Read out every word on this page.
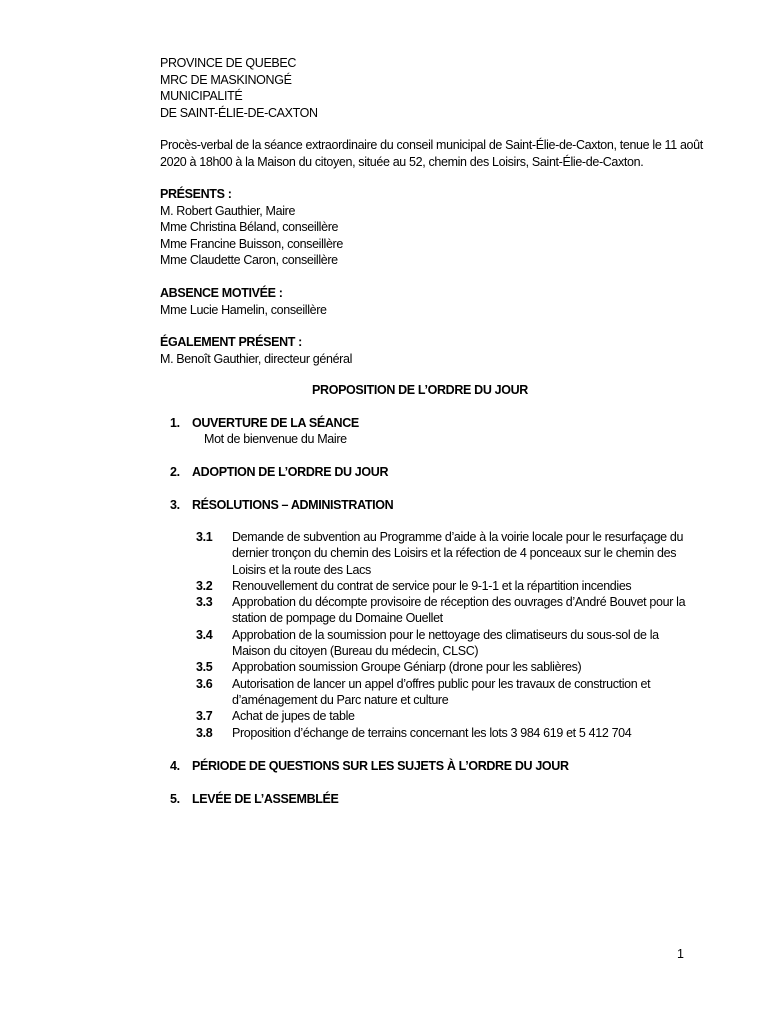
PROVINCE DE QUEBEC
MRC DE MASKINONGÉ
MUNICIPALITÉ
DE SAINT-ÉLIE-DE-CAXTON
Procès-verbal de la séance extraordinaire du conseil municipal de Saint-Élie-de-Caxton, tenue le 11 août
2020 à 18h00 à la Maison du citoyen, située au 52, chemin des Loisirs, Saint-Élie-de-Caxton.
PRÉSENTS :
M. Robert Gauthier, Maire
Mme Christina Béland, conseillère
Mme Francine Buisson, conseillère
Mme Claudette Caron, conseillère
ABSENCE MOTIVÉE :
Mme Lucie Hamelin, conseillère
ÉGALEMENT PRÉSENT :
M. Benoît Gauthier, directeur général
PROPOSITION DE L’ORDRE DU JOUR
1. OUVERTURE DE LA SÉANCE
Mot de bienvenue du Maire
2. ADOPTION DE L’ORDRE DU JOUR
3. RÉSOLUTIONS – ADMINISTRATION
3.1	Demande de subvention au Programme d’aide à la voirie locale pour le resurfaçage du
dernier tronçon du chemin des Loisirs et la réfection de 4 ponceaux sur le chemin des
Loisirs et la route des Lacs
3.2	Renouvellement du contrat de service pour le 9-1-1 et la répartition incendies
3.3	Approbation du décompte provisoire de réception des ouvrages d’André Bouvet pour la
station de pompage du Domaine Ouellet
3.4	Approbation de la soumission pour le nettoyage des climatiseurs du sous-sol de la
Maison du citoyen (Bureau du médecin, CLSC)
3.5	Approbation soumission Groupe Géniarp (drone pour les sablières)
3.6	Autorisation de lancer un appel d’offres public pour les travaux de construction et
d’aménagement du Parc nature et culture
3.7	Achat de jupes de table
3.8	Proposition d’échange de terrains concernant les lots 3 984 619 et 5 412 704
4. PÉRIODE DE QUESTIONS SUR LES SUJETS À L’ORDRE DU JOUR
5. LEVÉE DE L’ASSEMBLÉE
1
